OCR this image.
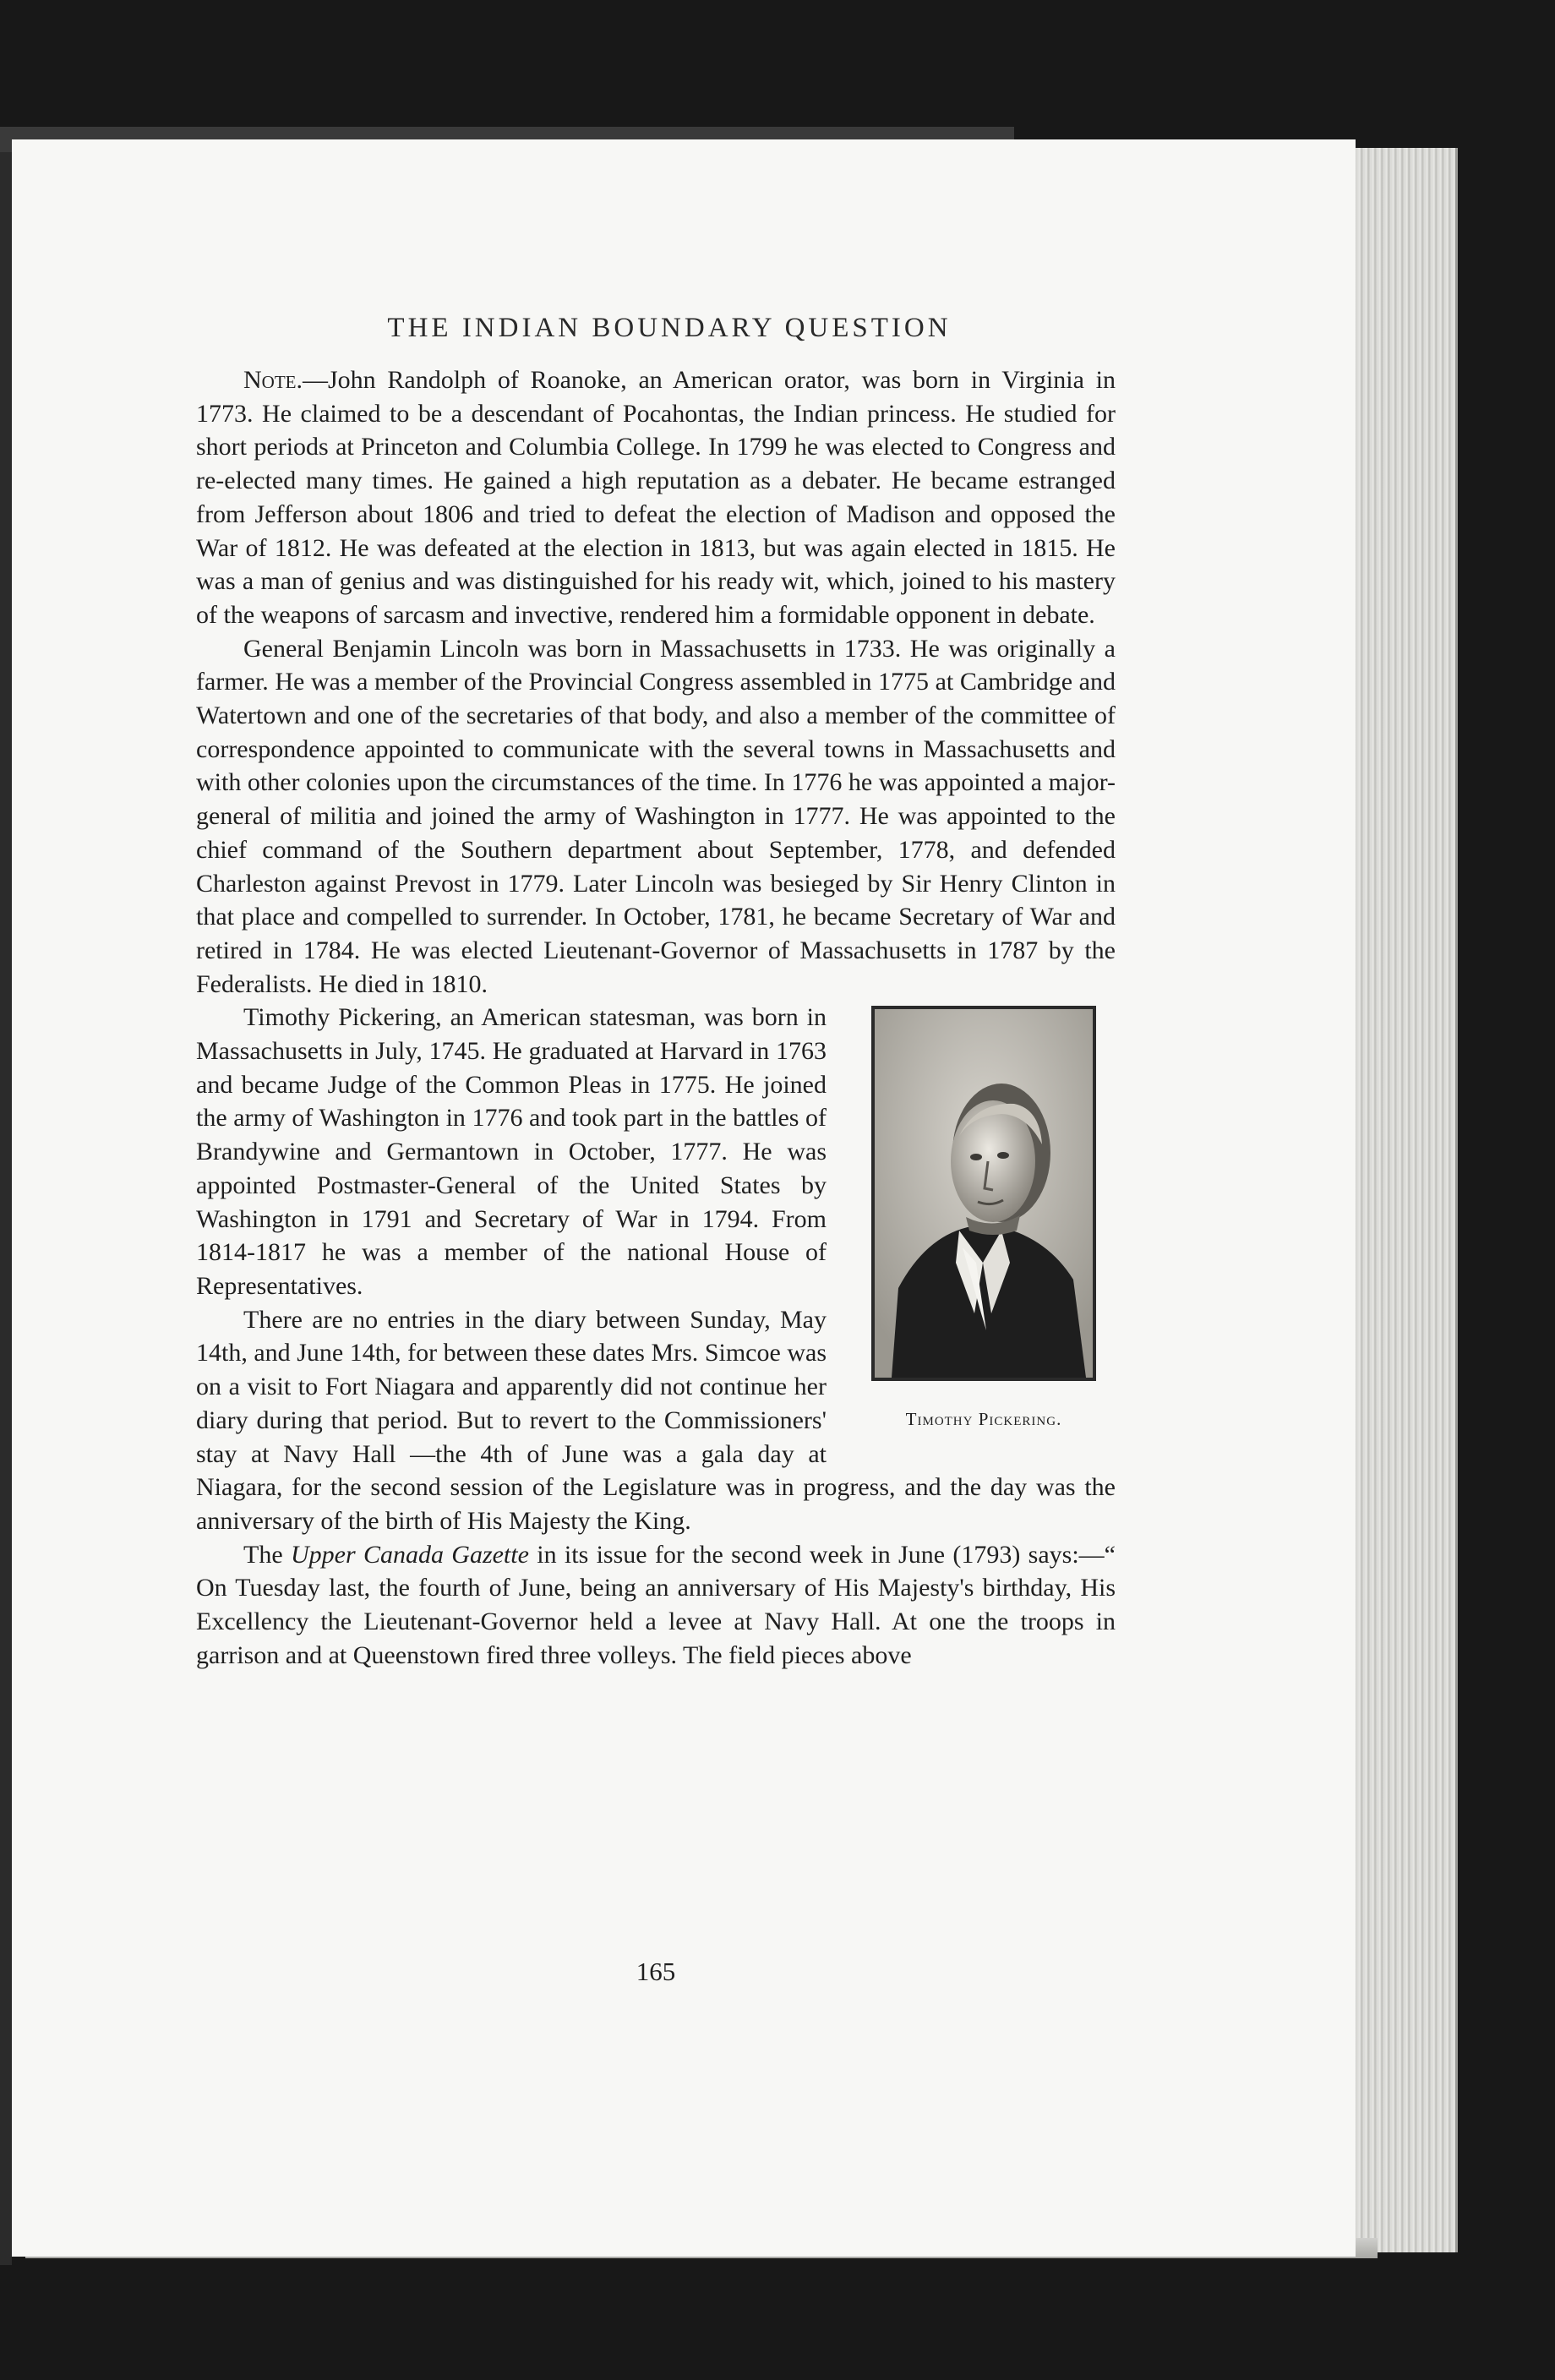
THE INDIAN BOUNDARY QUESTION

Note.—John Randolph of Roanoke, an American orator, was born in Virginia in 1773. He claimed to be a descendant of Pocahontas, the Indian princess. He studied for short periods at Princeton and Columbia College. In 1799 he was elected to Congress and re-elected many times. He gained a high reputation as a debater. He became estranged from Jefferson about 1806 and tried to defeat the election of Madison and opposed the War of 1812. He was defeated at the election in 1813, but was again elected in 1815. He was a man of genius and was distinguished for his ready wit, which, joined to his mastery of the weapons of sarcasm and invective, rendered him a formidable opponent in debate.

General Benjamin Lincoln was born in Massachusetts in 1733. He was originally a farmer. He was a member of the Provincial Congress assembled in 1775 at Cambridge and Watertown and one of the secretaries of that body, and also a member of the committee of correspondence appointed to communicate with the several towns in Massachusetts and with other colonies upon the circumstances of the time. In 1776 he was appointed a major-general of militia and joined the army of Washington in 1777. He was appointed to the chief command of the Southern department about September, 1778, and defended Charleston against Prevost in 1779. Later Lincoln was besieged by Sir Henry Clinton in that place and compelled to surrender. In October, 1781, he became Secretary of War and retired in 1784. He was elected Lieutenant-Governor of Massachusetts in 1787 by the Federalists. He died in 1810.

Timothy Pickering.

Timothy Pickering, an American statesman, was born in Massachusetts in July, 1745. He graduated at Harvard in 1763 and became Judge of the Common Pleas in 1775. He joined the army of Washington in 1776 and took part in the battles of Brandywine and Germantown in October, 1777. He was appointed Postmaster-General of the United States by Washington in 1791 and Secretary of War in 1794. From 1814-1817 he was a member of the national House of Representatives.

There are no entries in the diary between Sunday, May 14th, and June 14th, for between these dates Mrs. Simcoe was on a visit to Fort Niagara and apparently did not continue her diary during that period. But to revert to the Commissioners' stay at Navy Hall —the 4th of June was a gala day at Niagara, for the second session of the Legislature was in progress, and the day was the anniversary of the birth of His Majesty the King.

The Upper Canada Gazette in its issue for the second week in June (1793) says:—“ On Tuesday last, the fourth of June, being an anniversary of His Majesty's birthday, His Excellency the Lieutenant-Governor held a levee at Navy Hall. At one the troops in garrison and at Queenstown fired three volleys. The field pieces above

165
